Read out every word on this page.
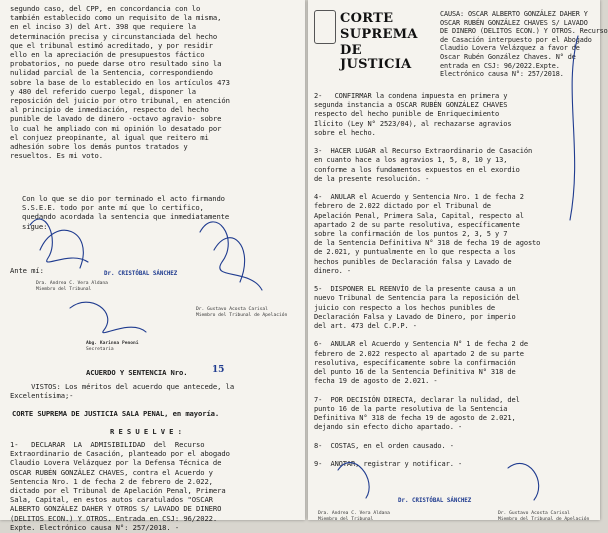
segundo caso, del CPP, en concordancia con lo
también establecido como un requisito de la misma,
en el inciso 3) del Art. 398 que requiere la
determinación precisa y circunstanciada del hecho
que el tribunal estimó acreditado, y por residir
ello en la apreciación de presupuestos fáctico
probatorios, no puede darse otro resultado sino la
nulidad parcial de la Sentencia, correspondiendo
sobre la base de lo establecido en los artículos 473
y 480 del referido cuerpo legal, disponer la
reposición del juicio por otro tribunal, en atención
al principio de inmediación, respecto del hecho
punible de lavado de dinero -octavo agravio- sobre
lo cual he ampliado con mi opinión lo desatado por
el conjuez preopinante, al igual que reitero mi
adhesión sobre los demás puntos tratados y
resueltos. Es mi voto.
Con lo que se dio por terminado el acto firmando
S.S.E.E. todo por ante mí que lo certifico,
quedando acordada la sentencia que inmediatamente
sigue:
Ante mí:

Dra. Andrea C. Vera Aldana
Miembro del Tribunal

Dr. CRISTÓBAL SÁNCHEZ

Dr. Gustavo Acosta Carisal
Miembro del Tribunal de Apelación

Abg. Karinna Penoni
Secretaria

ACUERDO Y SENTENCIA Nro.	15
VISTOS: Los méritos del acuerdo que antecede, la
Excelentísima;-
CORTE SUPREMA DE JUSTICIA SALA PENAL, en mayoría.
R E S U E L V E :
1-   DECLARAR  LA  ADMISIBILIDAD  del  Recurso
Extraordinario de Casación, planteado por el abogado
Claudio Lovera Velázquez por la Defensa Técnica de
OSCAR RUBÉN GONZÁLEZ CHAVES, contra el Acuerdo y
Sentencia Nro. 1 de fecha 2 de febrero de 2.022,
dictado por el Tribunal de Apelación Penal, Primera
Sala, Capital, en estos autos caratulados "OSCAR
ALBERTO GONZÁLEZ DAHER Y OTROS S/ LAVADO DE DINERO
(DELITOS ECON.) Y OTROS. Entrada en CSJ: 96/2022.
Expte. Electrónico causa N°: 257/2018. -
CORTE
SUPREMA
DE JUSTICIA
CAUSA: OSCAR ALBERTO GONZÁLEZ DAHER Y
OSCAR RUBÉN GONZÁLEZ CHAVES S/ LAVADO
DE DINERO (DELITOS ECON.) Y OTROS. Recurso
de Casación interpuesto por el Abogado
Claudio Lovera Velázquez a favor de
Oscar Rubén González Chaves. N° de
entrada en CSJ: 96/2022.Expte.
Electrónico causa N°: 257/2018.
2-   CONFIRMAR la condena impuesta en primera y
segunda instancia a OSCAR RUBÉN GONZÁLEZ CHAVES
respecto del hecho punible de Enriquecimiento
Ilícito (Ley N° 2523/04), al rechazarse agravios
sobre el hecho.
3-  HACER LUGAR al Recurso Extraordinario de Casación
en cuanto hace a los agravios 1, 5, 8, 10 y 13,
conforme a los fundamentos expuestos en el exordio
de la presente resolución. -
4-  ANULAR el Acuerdo y Sentencia Nro. 1 de fecha 2
febrero de 2.022 dictado por el Tribunal de
Apelación Penal, Primera Sala, Capital, respecto al
apartado 2 de su parte resolutiva, específicamente
sobre la confirmación de los puntos 2, 3, 5 y 7
de la Sentencia Definitiva N° 318 de fecha 19 de agosto
de 2.021, y puntualmente en lo que respecta a los
hechos punibles de Declaración falsa y Lavado de
dinero. -
5-  DISPONER EL REENVÍO de la presente causa a un
nuevo Tribunal de Sentencia para la reposición del
juicio con respecto a los hechos punibles de
Declaración Falsa y Lavado de Dinero, por imperio
del art. 473 del C.P.P. -
6-  ANULAR el Acuerdo y Sentencia N° 1 de fecha 2 de
febrero de 2.022 respecto al apartado 2 de su parte
resolutiva, específicamente sobre la confirmación
del punto 16 de la Sentencia Definitiva N° 318 de
fecha 19 de agosto de 2.021. -
7-  POR DECISIÓN DIRECTA, declarar la nulidad, del
punto 16 de la parte resolutiva de la Sentencia
Definitiva N° 318 de fecha 19 de agosto de 2.021,
dejando sin efecto dicho apartado. -
8-  COSTAS, en el orden causado. -
9-  ANOTAR, registrar y notificar. -

Dra. Andrea C. Vera Aldana
Miembro del Tribunal

Dr. CRISTÓBAL SÁNCHEZ

Dr. Gustavo Acosta Carisal
Miembro del Tribunal de Apelación
